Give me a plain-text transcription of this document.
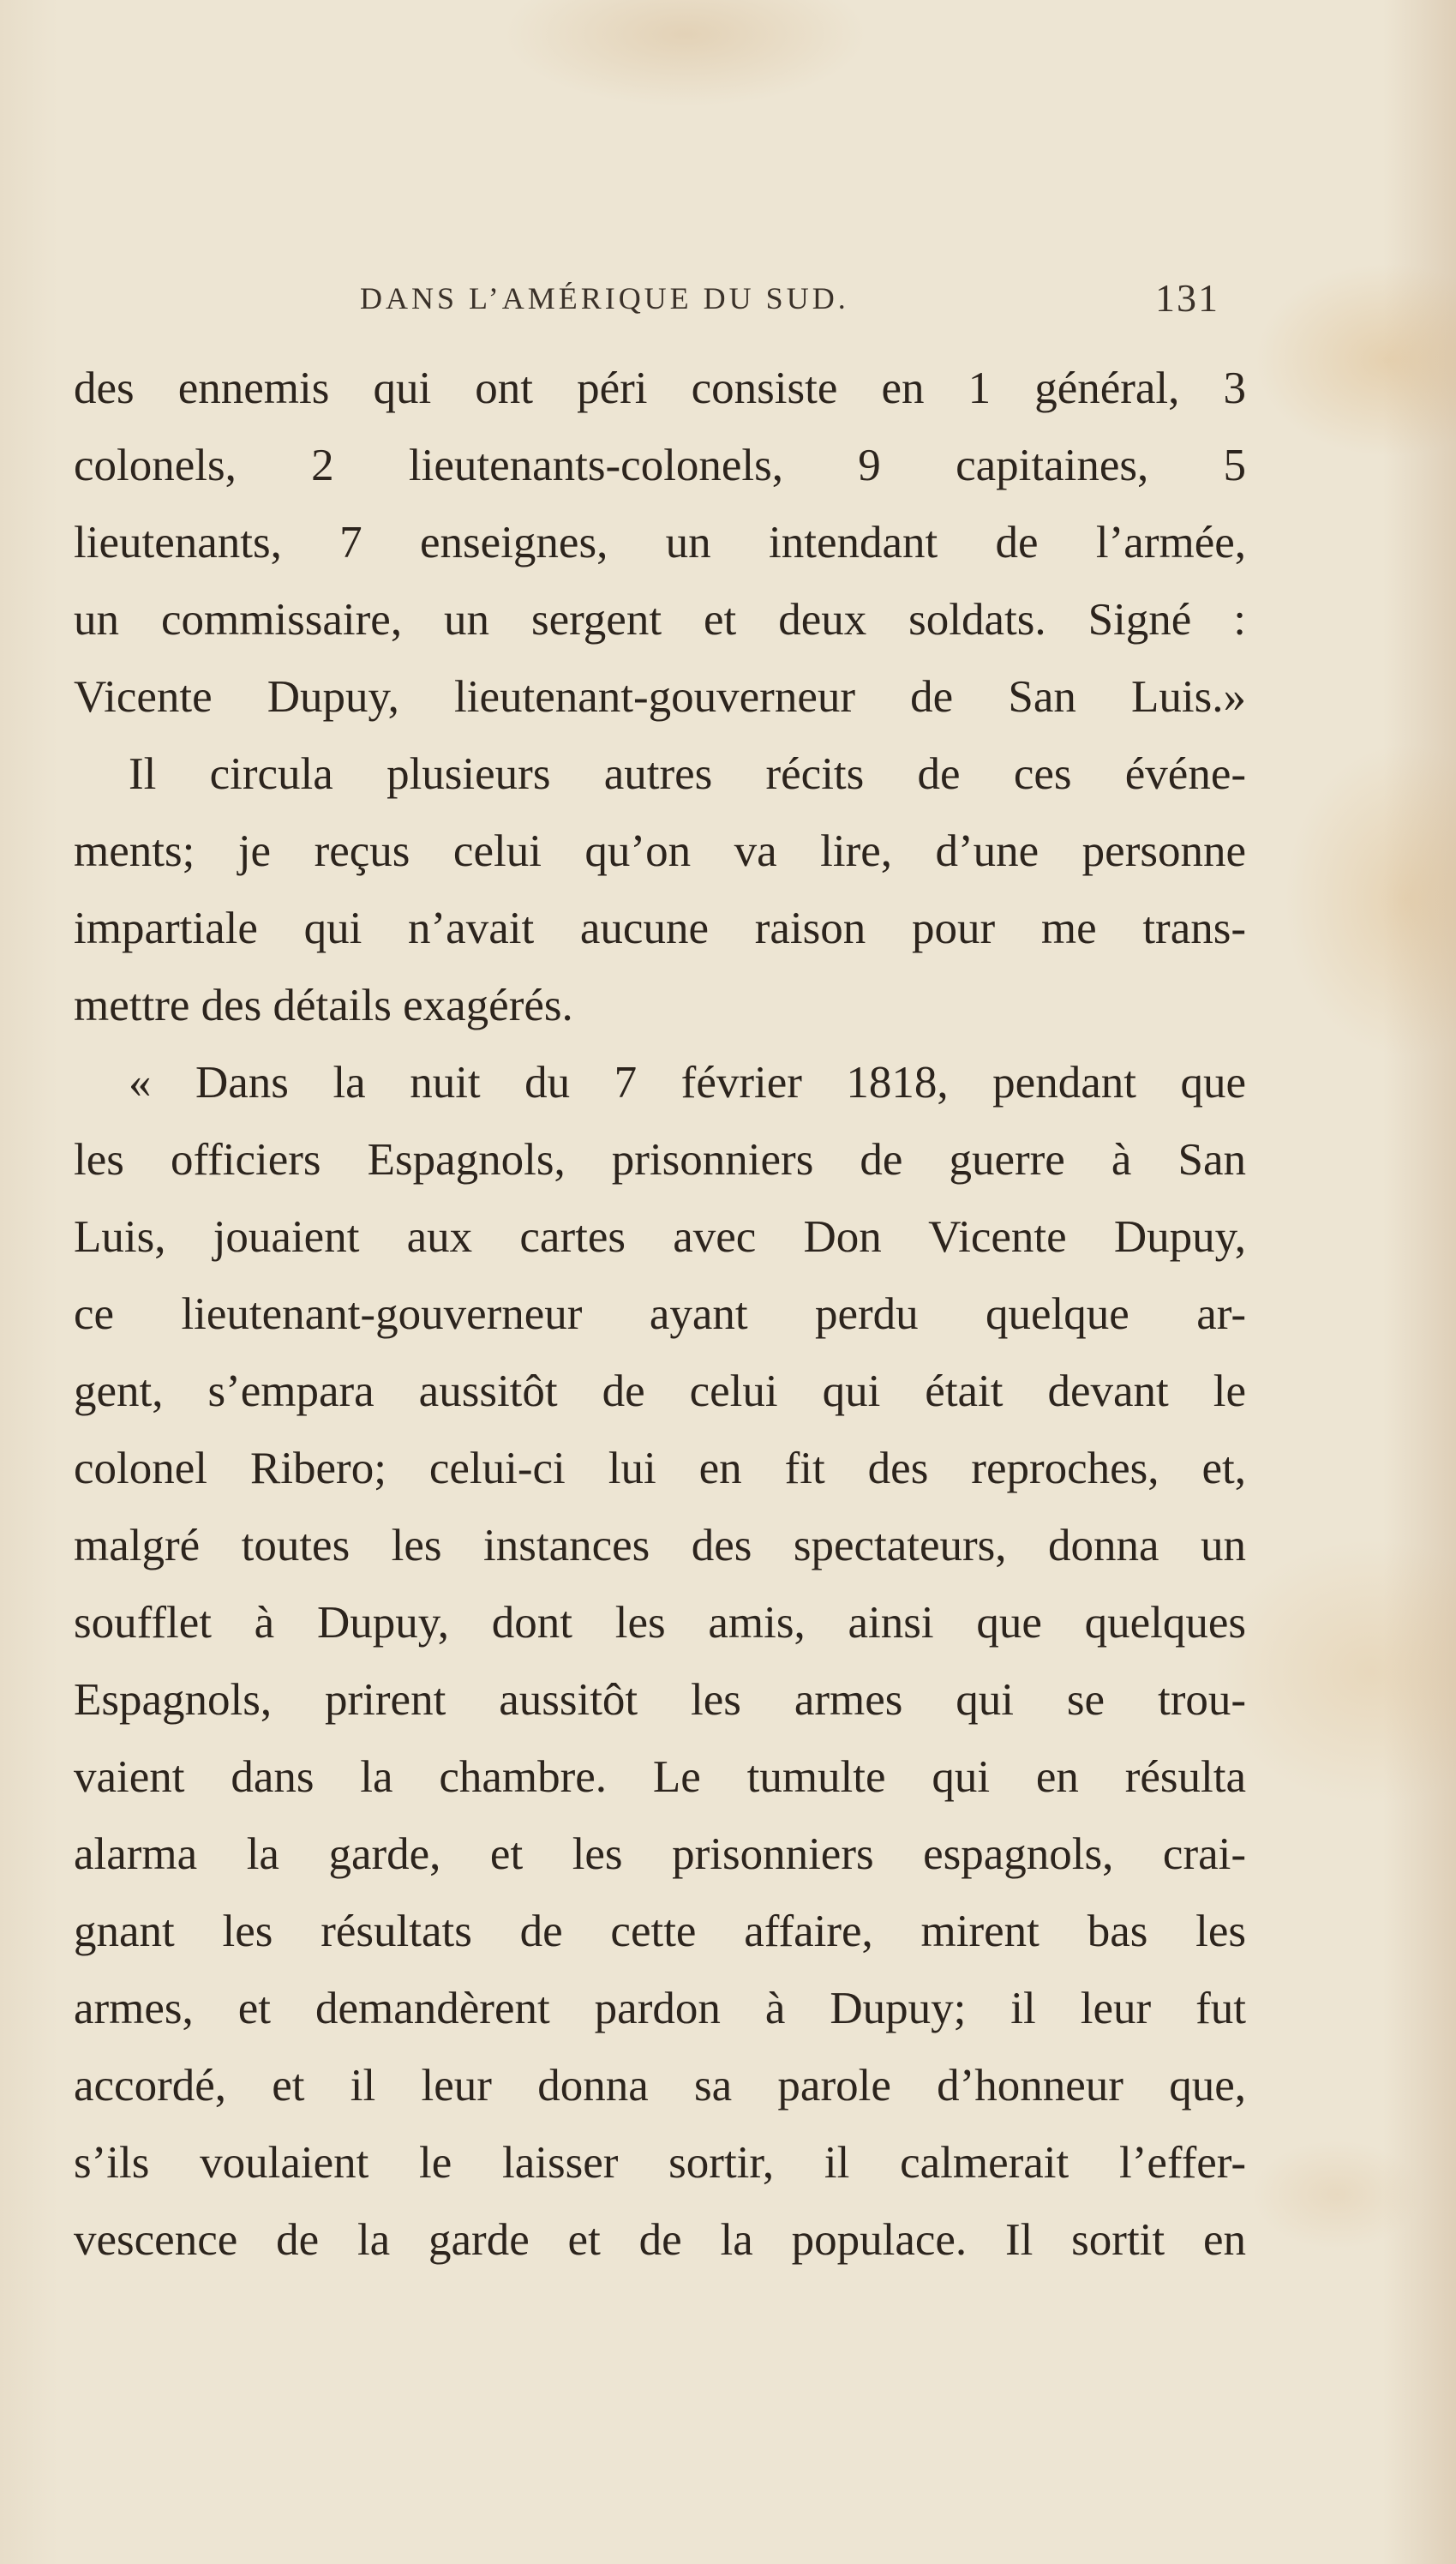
DANS L’AMÉRIQUE DU SUD.	131
des ennemis qui ont péri consiste en 1 général, 3
colonels, 2 lieutenants-colonels, 9 capitaines, 5
lieutenants, 7 enseignes, un intendant de l’armée,
un commissaire, un sergent et deux soldats. Signé :
Vicente Dupuy, lieutenant-gouverneur de San Luis.»
Il circula plusieurs autres récits de ces événe-
ments; je reçus celui qu’on va lire, d’une personne
impartiale qui n’avait aucune raison pour me trans-
mettre des détails exagérés.
« Dans la nuit du 7 février 1818, pendant que
les officiers Espagnols, prisonniers de guerre à San
Luis, jouaient aux cartes avec Don Vicente Dupuy,
ce lieutenant-gouverneur ayant perdu quelque ar-
gent, s’empara aussitôt de celui qui était devant le
colonel Ribero; celui-ci lui en fit des reproches, et,
malgré toutes les instances des spectateurs, donna un
soufflet à Dupuy, dont les amis, ainsi que quelques
Espagnols, prirent aussitôt les armes qui se trou-
vaient dans la chambre. Le tumulte qui en résulta
alarma la garde, et les prisonniers espagnols, crai-
gnant les résultats de cette affaire, mirent bas les
armes, et demandèrent pardon à Dupuy; il leur fut
accordé, et il leur donna sa parole d’honneur que,
s’ils voulaient le laisser sortir, il calmerait l’effer-
vescence de la garde et de la populace. Il sortit en
